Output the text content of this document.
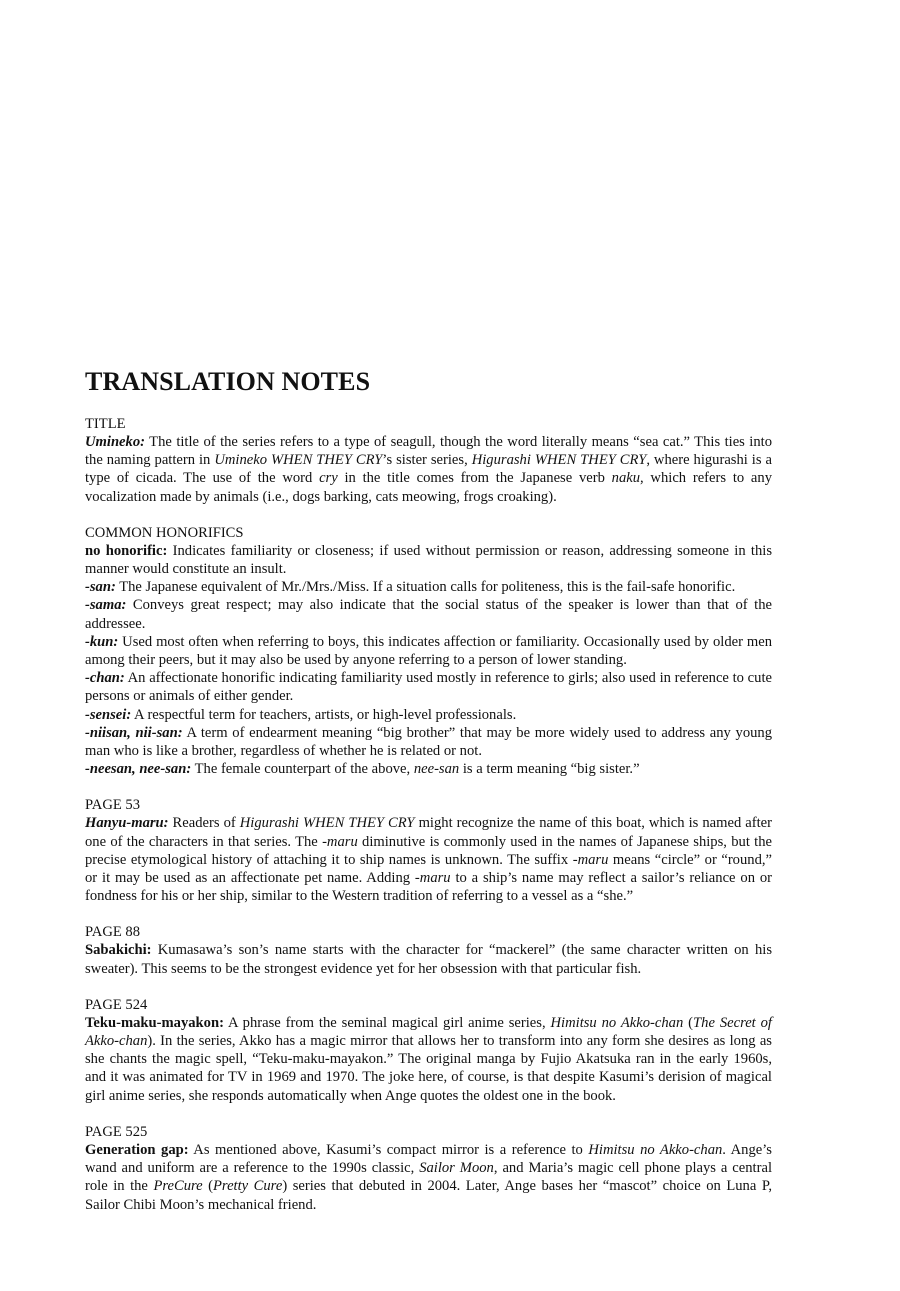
TRANSLATION NOTES

TITLE

Umineko: The title of the series refers to a type of seagull, though the word literally means “sea cat.” This ties into the naming pattern in Umineko WHEN THEY CRY’s sister series, Higurashi WHEN THEY CRY, where higurashi is a type of cicada. The use of the word cry in the title comes from the Japanese verb naku, which refers to any vocalization made by animals (i.e., dogs barking, cats meowing, frogs croaking).

COMMON HONORIFICS

no honorific: Indicates familiarity or closeness; if used without permission or reason, addressing someone in this manner would constitute an insult.

-san: The Japanese equivalent of Mr./Mrs./Miss. If a situation calls for politeness, this is the fail-safe honorific.

-sama: Conveys great respect; may also indicate that the social status of the speaker is lower than that of the addressee.

-kun: Used most often when referring to boys, this indicates affection or familiarity. Occasionally used by older men among their peers, but it may also be used by anyone referring to a person of lower standing.

-chan: An affectionate honorific indicating familiarity used mostly in reference to girls; also used in reference to cute persons or animals of either gender.

-sensei: A respectful term for teachers, artists, or high-level professionals.

-niisan, nii-san: A term of endearment meaning “big brother” that may be more widely used to address any young man who is like a brother, regardless of whether he is related or not.

-neesan, nee-san: The female counterpart of the above, nee-san is a term meaning “big sister.”

PAGE 53

Hanyu-maru: Readers of Higurashi WHEN THEY CRY might recognize the name of this boat, which is named after one of the characters in that series. The -maru diminutive is commonly used in the names of Japanese ships, but the precise etymological history of attaching it to ship names is unknown. The suffix -maru means “circle” or “round,” or it may be used as an affectionate pet name. Adding -maru to a ship’s name may reflect a sailor’s reliance on or fondness for his or her ship, similar to the Western tradition of referring to a vessel as a “she.”

PAGE 88

Sabakichi: Kumasawa’s son’s name starts with the character for “mackerel” (the same character written on his sweater). This seems to be the strongest evidence yet for her obsession with that particular fish.

PAGE 524

Teku-maku-mayakon: A phrase from the seminal magical girl anime series, Himitsu no Akko-chan (The Secret of Akko-chan). In the series, Akko has a magic mirror that allows her to transform into any form she desires as long as she chants the magic spell, “Teku-maku-mayakon.” The original manga by Fujio Akatsuka ran in the early 1960s, and it was animated for TV in 1969 and 1970. The joke here, of course, is that despite Kasumi’s derision of magical girl anime series, she responds automatically when Ange quotes the oldest one in the book.

PAGE 525

Generation gap: As mentioned above, Kasumi’s compact mirror is a reference to Himitsu no Akko-chan. Ange’s wand and uniform are a reference to the 1990s classic, Sailor Moon, and Maria’s magic cell phone plays a central role in the PreCure (Pretty Cure) series that debuted in 2004. Later, Ange bases her “mascot” choice on Luna P, Sailor Chibi Moon’s mechanical friend.
